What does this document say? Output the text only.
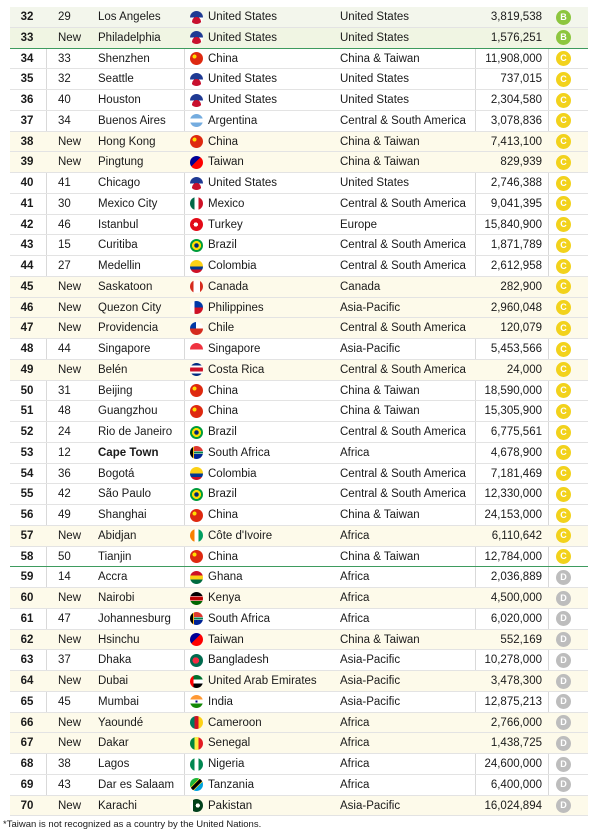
32	29	Los Angeles	United States	United States	3,819,538	B
33	New	Philadelphia	United States	United States	1,576,251	B
34	33	Shenzhen	China	China & Taiwan	11,908,000	C
35	32	Seattle	United States	United States	737,015	C
36	40	Houston	United States	United States	2,304,580	C
37	34	Buenos Aires	Argentina	Central & South America	3,078,836	C
38	New	Hong Kong	China	China & Taiwan	7,413,100	C
39	New	Pingtung	Taiwan	China & Taiwan	829,939	C
40	41	Chicago	United States	United States	2,746,388	C
41	30	Mexico City	Mexico	Central & South America	9,041,395	C
42	46	Istanbul	Turkey	Europe	15,840,900	C
43	15	Curitiba	Brazil	Central & South America	1,871,789	C
44	27	Medellin	Colombia	Central & South America	2,612,958	C
45	New	Saskatoon	Canada	Canada	282,900	C
46	New	Quezon City	Philippines	Asia-Pacific	2,960,048	C
47	New	Providencia	Chile	Central & South America	120,079	C
48	44	Singapore	Singapore	Asia-Pacific	5,453,566	C
49	New	Belén	Costa Rica	Central & South America	24,000	C
50	31	Beijing	China	China & Taiwan	18,590,000	C
51	48	Guangzhou	China	China & Taiwan	15,305,900	C
52	24	Rio de Janeiro	Brazil	Central & South America	6,775,561	C
53	12	Cape Town	South Africa	Africa	4,678,900	C
54	36	Bogotá	Colombia	Central & South America	7,181,469	C
55	42	São Paulo	Brazil	Central & South America	12,330,000	C
56	49	Shanghai	China	China & Taiwan	24,153,000	C
57	New	Abidjan	Côte d'Ivoire	Africa	6,110,642	C
58	50	Tianjin	China	China & Taiwan	12,784,000	C
59	14	Accra	Ghana	Africa	2,036,889	D
60	New	Nairobi	Kenya	Africa	4,500,000	D
61	47	Johannesburg	South Africa	Africa	6,020,000	D
62	New	Hsinchu	Taiwan	China & Taiwan	552,169	D
63	37	Dhaka	Bangladesh	Asia-Pacific	10,278,000	D
64	New	Dubai	United Arab Emirates	Asia-Pacific	3,478,300	D
65	45	Mumbai	India	Asia-Pacific	12,875,213	D
66	New	Yaoundé	Cameroon	Africa	2,766,000	D
67	New	Dakar	Senegal	Africa	1,438,725	D
68	38	Lagos	Nigeria	Africa	24,600,000	D
69	43	Dar es Salaam	Tanzania	Africa	6,400,000	D
70	New	Karachi	Pakistan	Asia-Pacific	16,024,894	D
*Taiwan is not recognized as a country by the United Nations.
